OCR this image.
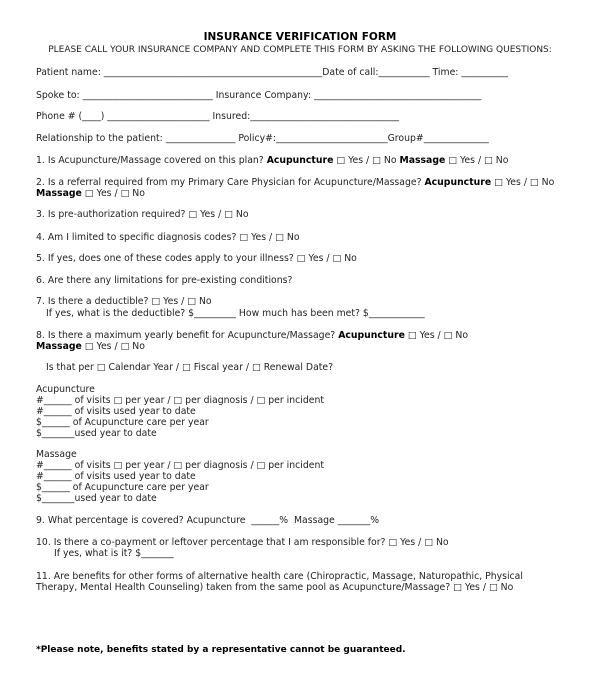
INSURANCE VERIFICATION FORM
PLEASE CALL YOUR INSURANCE COMPANY AND COMPLETE THIS FORM BY ASKING THE FOLLOWING QUESTIONS:
Patient name: _______________________________________________Date of call:___________ Time: __________
Spoke to: ____________________________ Insurance Company: ____________________________________
Phone # (____) ______________________ Insured:________________________________
Relationship to the patient: _______________ Policy#:________________________Group#______________
1. Is Acupuncture/Massage covered on this plan? Acupuncture □ Yes / □ No Massage □ Yes / □ No
2. Is a referral required from my Primary Care Physician for Acupuncture/Massage? Acupuncture □ Yes / □ No
Massage □ Yes / □ No
3. Is pre-authorization required? □ Yes / □ No
4. Am I limited to specific diagnosis codes? □ Yes / □ No
5. If yes, does one of these codes apply to your illness? □ Yes / □ No
6. Are there any limitations for pre-existing conditions?
7. Is there a deductible? □ Yes / □ No
If yes, what is the deductible? $_________ How much has been met? $____________
8. Is there a maximum yearly benefit for Acupuncture/Massage? Acupuncture □ Yes / □ No
Massage □ Yes / □ No
Is that per □ Calendar Year / □ Fiscal year / □ Renewal Date?
Acupuncture
#______ of visits □ per year / □ per diagnosis / □ per incident
#______ of visits used year to date
$______ of Acupuncture care per year
$_______used year to date
Massage
#______ of visits □ per year / □ per diagnosis / □ per incident
#______ of visits used year to date
$______ of Acupuncture care per year
$_______used year to date
9. What percentage is covered? Acupuncture  ______%  Massage _______%
10. Is there a co-payment or leftover percentage that I am responsible for? □ Yes / □ No
If yes, what is it? $_______
11. Are benefits for other forms of alternative health care (Chiropractic, Massage, Naturopathic, Physical
Therapy, Mental Health Counseling) taken from the same pool as Acupuncture/Massage? □ Yes / □ No
*Please note, benefits stated by a representative cannot be guaranteed.
